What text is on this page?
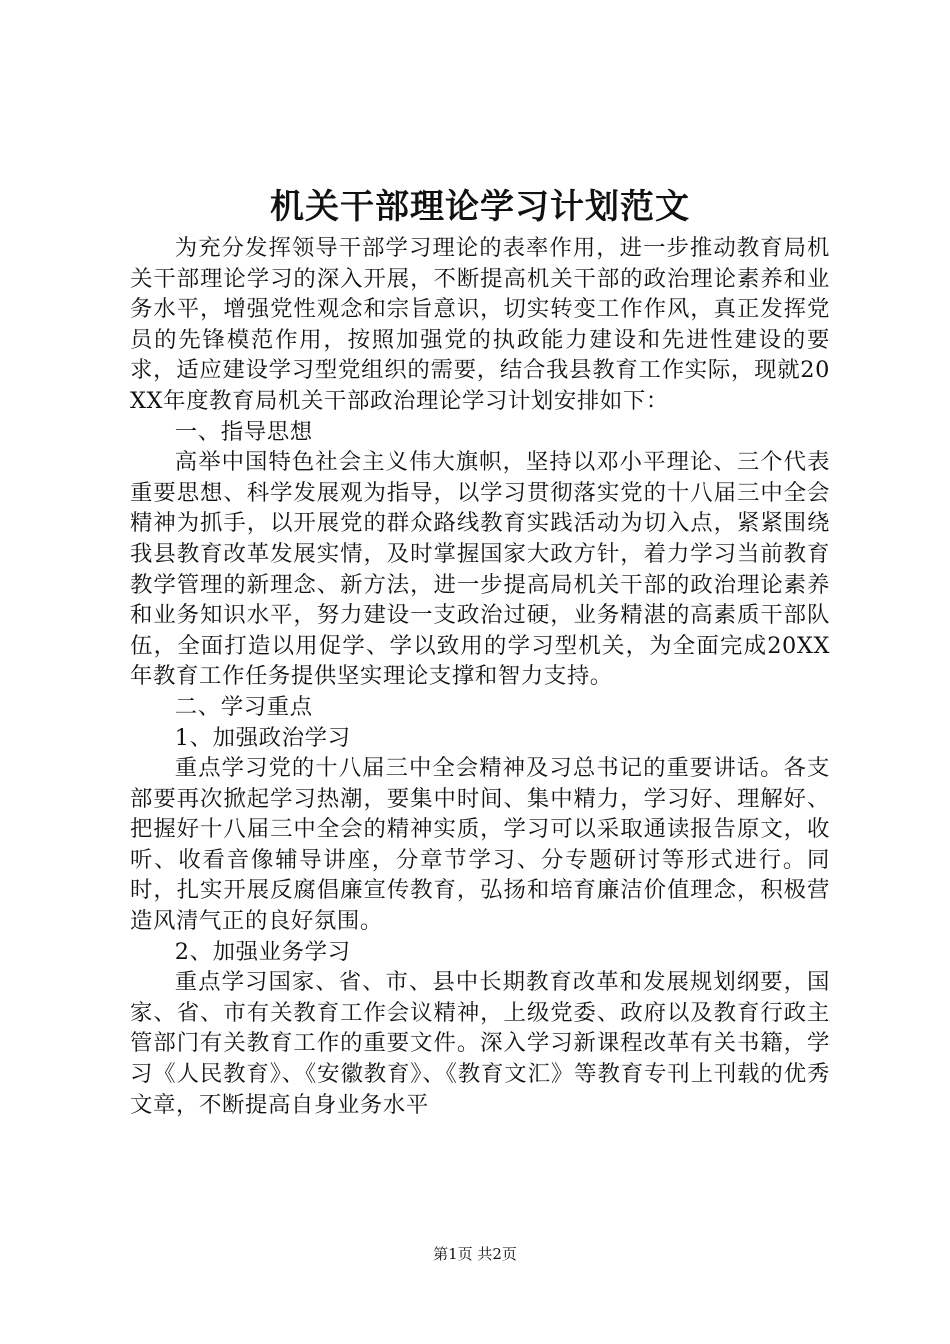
机关干部理论学习计划范文

为充分发挥领导干部学习理论的表率作用，进一步推动教育局机关干部理论学习的深入开展，不断提高机关干部的政治理论素养和业务水平，增强党性观念和宗旨意识，切实转变工作作风，真正发挥党员的先锋模范作用，按照加强党的执政能力建设和先进性建设的要求，适应建设学习型党组织的需要，结合我县教育工作实际，现就20XX年度教育局机关干部政治理论学习计划安排如下：

一、指导思想

高举中国特色社会主义伟大旗帜，坚持以邓小平理论、三个代表重要思想、科学发展观为指导，以学习贯彻落实党的十八届三中全会精神为抓手，以开展党的群众路线教育实践活动为切入点，紧紧围绕我县教育改革发展实情，及时掌握国家大政方针，着力学习当前教育教学管理的新理念、新方法，进一步提高局机关干部的政治理论素养和业务知识水平，努力建设一支政治过硬，业务精湛的高素质干部队伍，全面打造以用促学、学以致用的学习型机关，为全面完成20XX年教育工作任务提供坚实理论支撑和智力支持。

二、学习重点

1、加强政治学习

重点学习党的十八届三中全会精神及习总书记的重要讲话。各支部要再次掀起学习热潮，要集中时间、集中精力，学习好、理解好、把握好十八届三中全会的精神实质，学习可以采取通读报告原文，收听、收看音像辅导讲座，分章节学习、分专题研讨等形式进行。同时，扎实开展反腐倡廉宣传教育，弘扬和培育廉洁价值理念，积极营造风清气正的良好氛围。

2、加强业务学习

重点学习国家、省、市、县中长期教育改革和发展规划纲要，国家、省、市有关教育工作会议精神，上级党委、政府以及教育行政主管部门有关教育工作的重要文件。深入学习新课程改革有关书籍，学习《人民教育》、《安徽教育》、《教育文汇》等教育专刊上刊载的优秀文章，不断提高自身业务水平

第1页 共2页
